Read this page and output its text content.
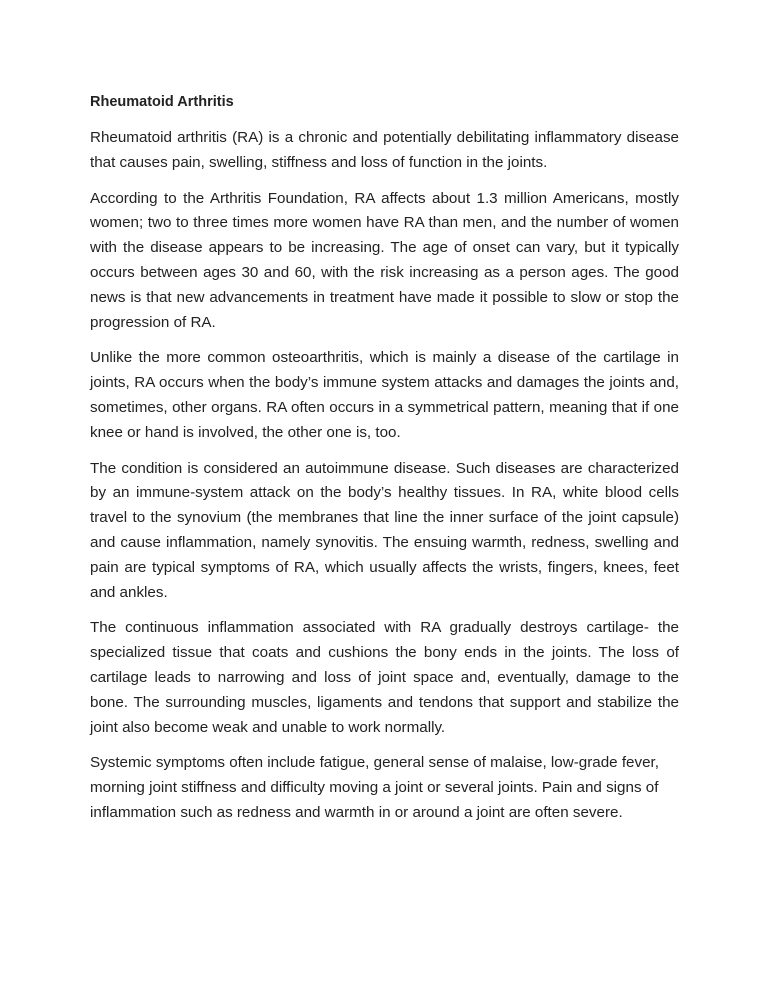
Rheumatoid Arthritis

Rheumatoid arthritis (RA) is a chronic and potentially debilitating inflammatory disease that causes pain, swelling, stiffness and loss of function in the joints.

According to the Arthritis Foundation, RA affects about 1.3 million Americans, mostly women; two to three times more women have RA than men, and the number of women with the disease appears to be increasing. The age of onset can vary, but it typically occurs between ages 30 and 60, with the risk increasing as a person ages. The good news is that new advancements in treatment have made it possible to slow or stop the progression of RA.

Unlike the more common osteoarthritis, which is mainly a disease of the cartilage in joints, RA occurs when the body’s immune system attacks and damages the joints and, sometimes, other organs. RA often occurs in a symmetrical pattern, meaning that if one knee or hand is involved, the other one is, too.

The condition is considered an autoimmune disease. Such diseases are characterized by an immune-system attack on the body’s healthy tissues. In RA, white blood cells travel to the synovium (the membranes that line the inner surface of the joint capsule) and cause inflammation, namely synovitis. The ensuing warmth, redness, swelling and pain are typical symptoms of RA, which usually affects the wrists, fingers, knees, feet and ankles.

The continuous inflammation associated with RA gradually destroys cartilage- the specialized tissue that coats and cushions the bony ends in the joints. The loss of cartilage leads to narrowing and loss of joint space and, eventually, damage to the bone. The surrounding muscles, ligaments and tendons that support and stabilize the joint also become weak and unable to work normally.

Systemic symptoms often include fatigue, general sense of malaise, low-grade fever, morning joint stiffness and difficulty moving a joint or several joints. Pain and signs of inflammation such as redness and warmth in or around a joint are often severe.
